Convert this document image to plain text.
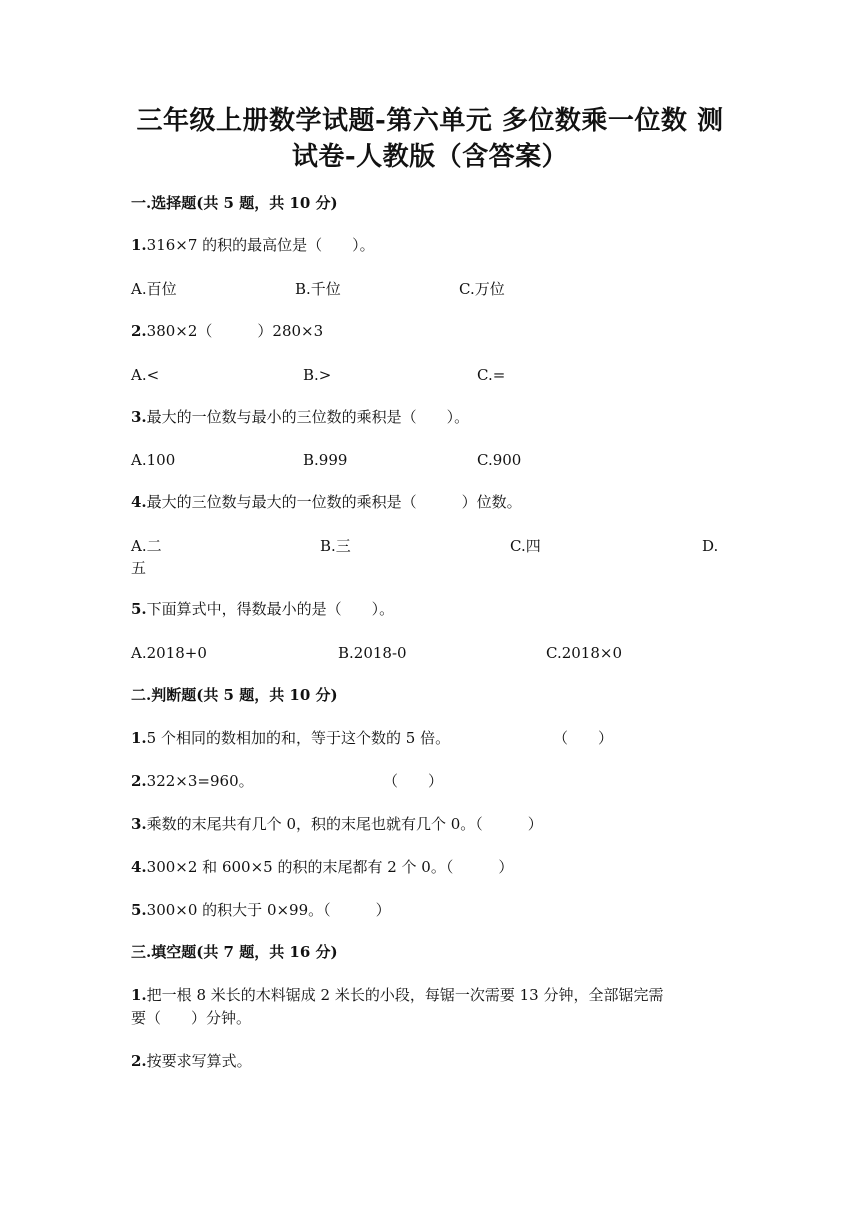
三年级上册数学试题-第六单元 多位数乘一位数 测
试卷-人教版（含答案）
一.选择题(共 5 题，共 10 分)
1.316×7 的积的最高位是（　　）。
A.百位	B.千位	C.万位
2.380×2（　　　）280×3
A.<	B.>	C.=
3.最大的一位数与最小的三位数的乘积是（　　）。
A.100	B.999	C.900
4.最大的三位数与最大的一位数的乘积是（　　　）位数。
A.二	B.三	C.四	D.
五
5.下面算式中，得数最小的是（　　）。
A.2018+0	B.2018-0	C.2018×0
二.判断题(共 5 题，共 10 分)
1.5 个相同的数相加的和，等于这个数的 5 倍。	（　　）
2.322×3=960。	（　　）
3.乘数的末尾共有几个 0，积的末尾也就有几个 0。（　　　）
4.300×2 和 600×5 的积的末尾都有 2 个 0。（　　　）
5.300×0 的积大于 0×99。（　　　）
三.填空题(共 7 题，共 16 分)
1.把一根 8 米长的木料锯成 2 米长的小段，每锯一次需要 13 分钟，全部锯完需
要（　　）分钟。
2.按要求写算式。
